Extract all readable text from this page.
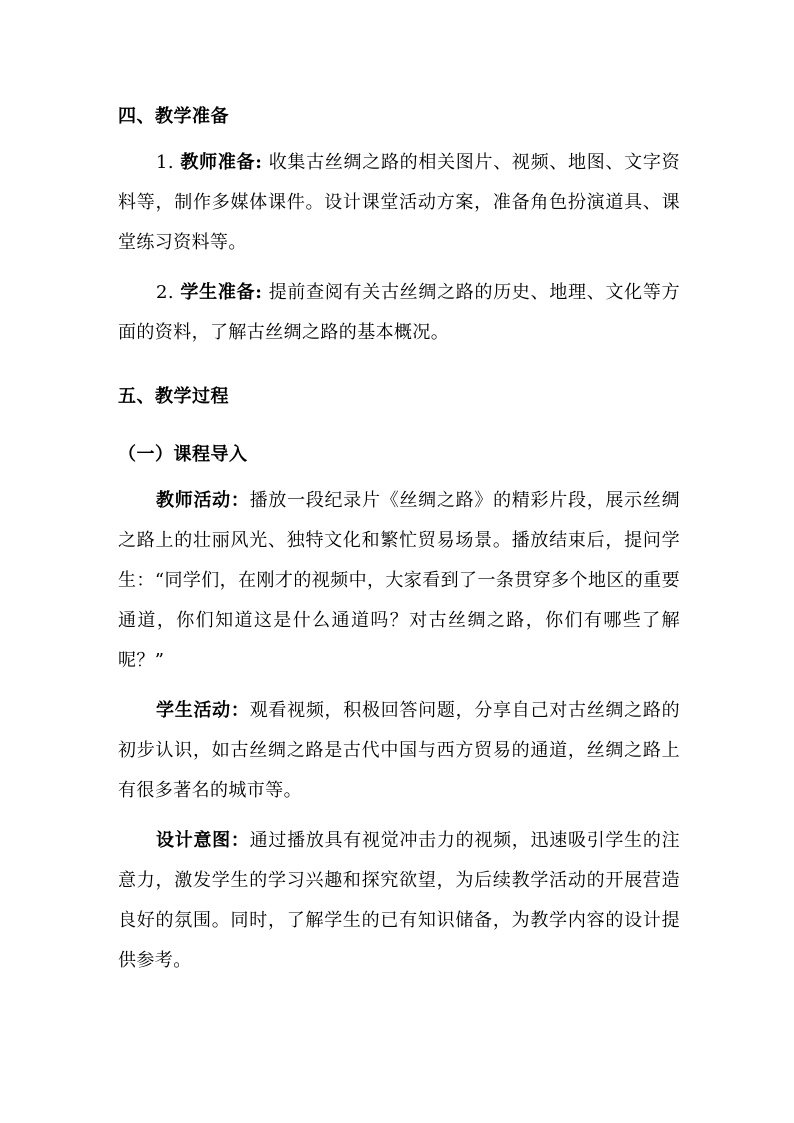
四、教学准备

1. 教师准备: 收集古丝绸之路的相关图片、视频、地图、文字资料等，制作多媒体课件。设计课堂活动方案，准备角色扮演道具、课堂练习资料等。

2. 学生准备: 提前查阅有关古丝绸之路的历史、地理、文化等方面的资料，了解古丝绸之路的基本概况。

五、教学过程
（一）课程导入

教师活动：播放一段纪录片《丝绸之路》的精彩片段，展示丝绸之路上的壮丽风光、独特文化和繁忙贸易场景。播放结束后，提问学生：“同学们，在刚才的视频中，大家看到了一条贯穿多个地区的重要通道，你们知道这是什么通道吗？对古丝绸之路，你们有哪些了解呢？”

学生活动：观看视频，积极回答问题，分享自己对古丝绸之路的初步认识，如古丝绸之路是古代中国与西方贸易的通道，丝绸之路上有很多著名的城市等。

设计意图：通过播放具有视觉冲击力的视频，迅速吸引学生的注意力，激发学生的学习兴趣和探究欲望，为后续教学活动的开展营造良好的氛围。同时，了解学生的已有知识储备，为教学内容的设计提供参考。
